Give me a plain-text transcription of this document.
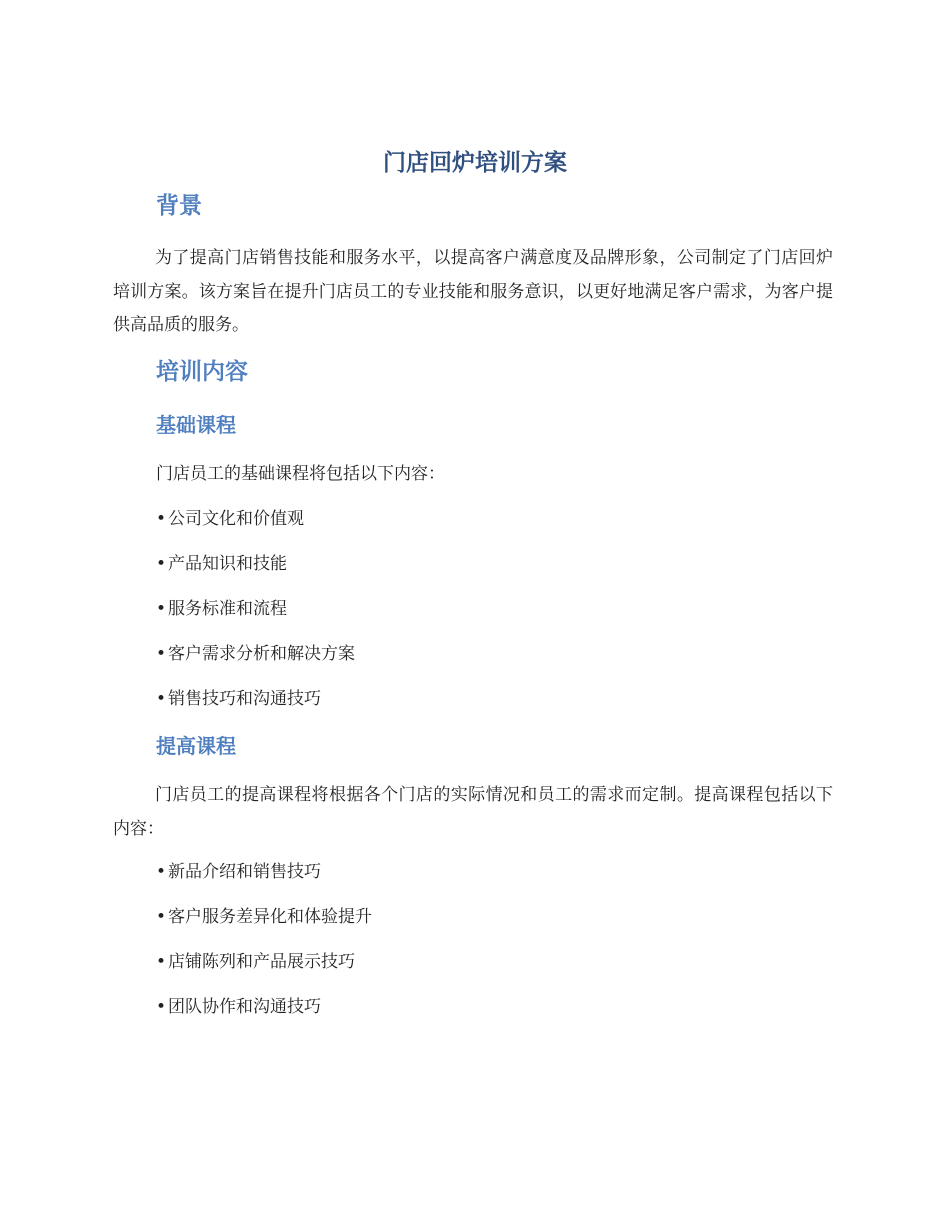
门店回炉培训方案
背景

为了提高门店销售技能和服务水平，以提高客户满意度及品牌形象，公司制定了门店回炉培训方案。该方案旨在提升门店员工的专业技能和服务意识，以更好地满足客户需求，为客户提供高品质的服务。

培训内容
基础课程

门店员工的基础课程将包括以下内容：

• 公司文化和价值观
• 产品知识和技能
• 服务标准和流程
• 客户需求分析和解决方案
• 销售技巧和沟通技巧
提高课程

门店员工的提高课程将根据各个门店的实际情况和员工的需求而定制。提高课程包括以下内容：

• 新品介绍和销售技巧
• 客户服务差异化和体验提升
• 店铺陈列和产品展示技巧
• 团队协作和沟通技巧
